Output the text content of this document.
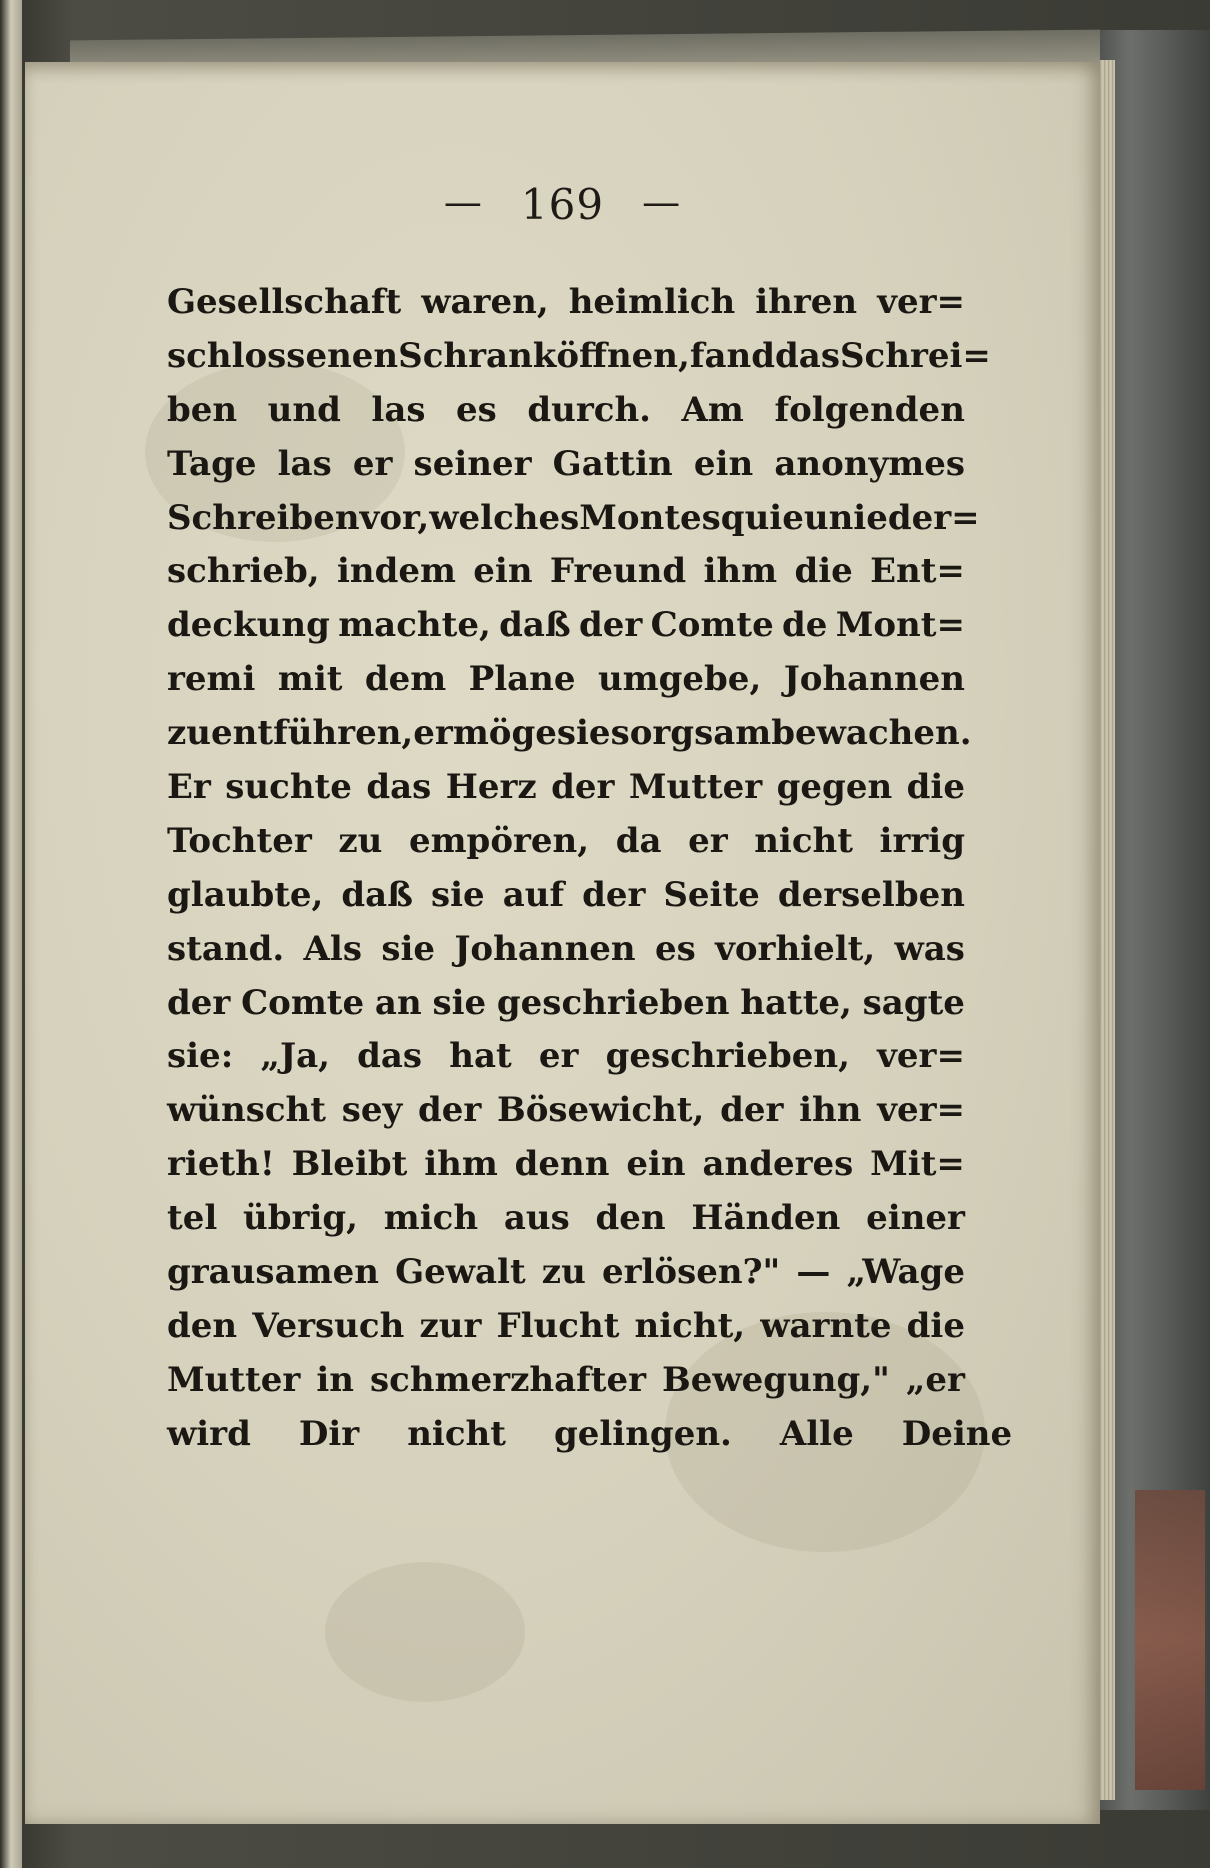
— 169 —
Gesellschaft waren, heimlich ihren ver=
schlossenen Schrank öffnen, fand das Schrei=
ben und las es durch. Am folgenden
Tage las er seiner Gattin ein anonymes
Schreiben vor, welches Montesquieu nieder=
schrieb, indem ein Freund ihm die Ent=
deckung machte, daß der Comte de Mont=
remi mit dem Plane umgebe, Johannen
zu entführen, er möge sie sorgsam bewachen.
Er suchte das Herz der Mutter gegen die
Tochter zu empören, da er nicht irrig
glaubte, daß sie auf der Seite derselben
stand. Als sie Johannen es vorhielt, was
der Comte an sie geschrieben hatte, sagte
sie: „Ja, das hat er geschrieben, ver=
wünscht sey der Bösewicht, der ihn ver=
rieth! Bleibt ihm denn ein anderes Mit=
tel übrig, mich aus den Händen einer
grausamen Gewalt zu erlösen?" — „Wage
den Versuch zur Flucht nicht, warnte die
Mutter in schmerzhafter Bewegung," „er
wird Dir nicht gelingen. Alle Deine
